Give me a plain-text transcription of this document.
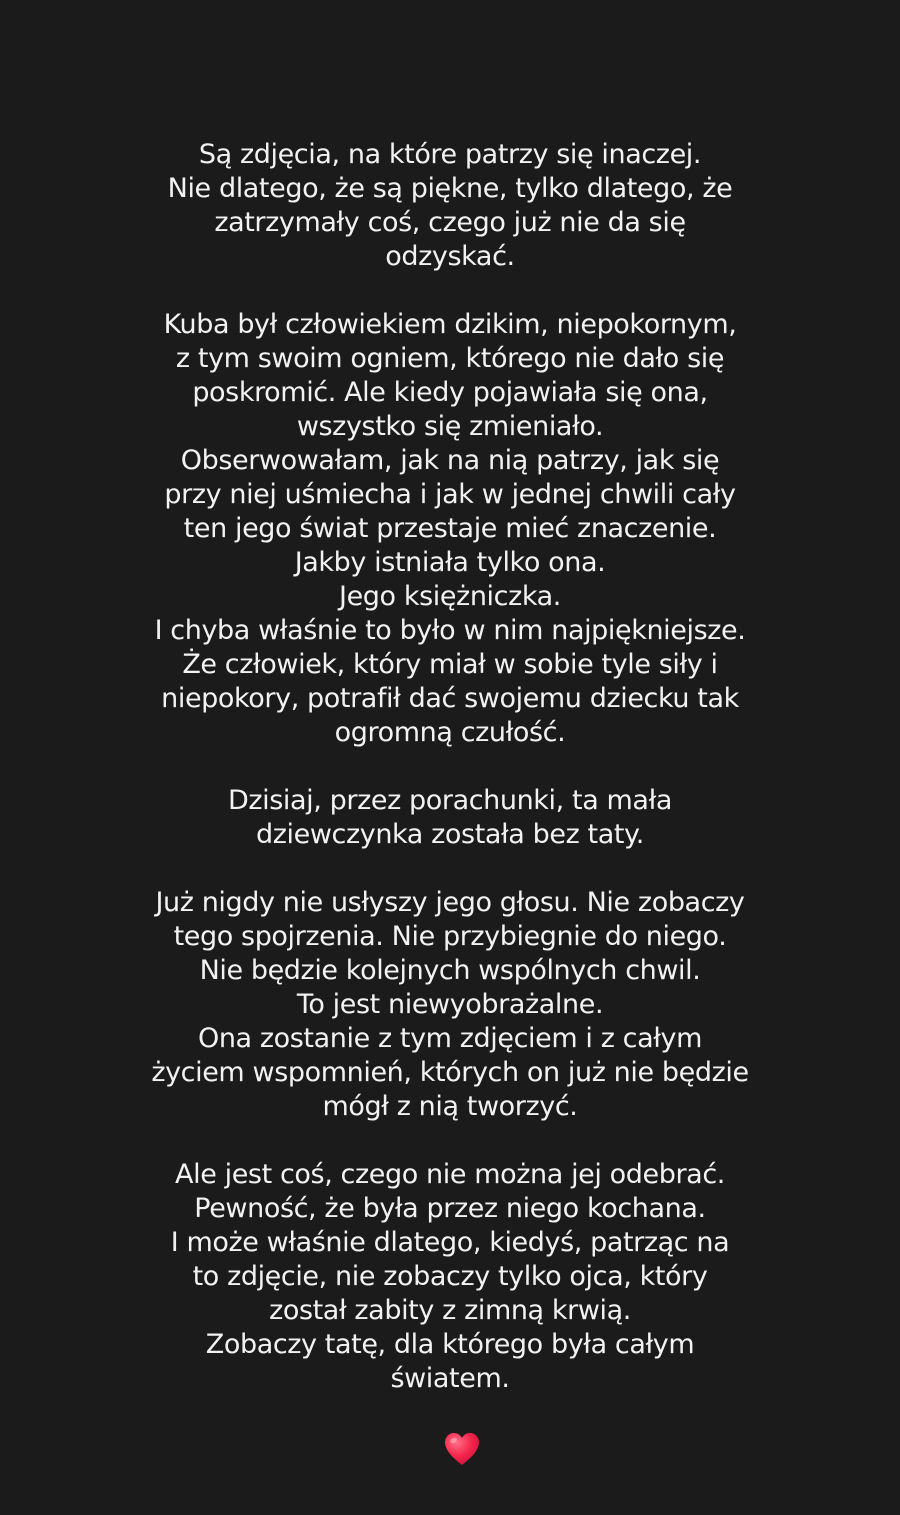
Są zdjęcia, na które patrzy się inaczej.
Nie dlatego, że są piękne, tylko dlatego, że
zatrzymały coś, czego już nie da się
odzyskać.

Kuba był człowiekiem dzikim, niepokornym,
z tym swoim ogniem, którego nie dało się
poskromić. Ale kiedy pojawiała się ona,
wszystko się zmieniało.
Obserwowałam, jak na nią patrzy, jak się
przy niej uśmiecha i jak w jednej chwili cały
ten jego świat przestaje mieć znaczenie.
Jakby istniała tylko ona.
Jego księżniczka.
I chyba właśnie to było w nim najpiękniejsze.
Że człowiek, który miał w sobie tyle siły i
niepokory, potrafił dać swojemu dziecku tak
ogromną czułość.

Dzisiaj, przez porachunki, ta mała
dziewczynka została bez taty.

Już nigdy nie usłyszy jego głosu. Nie zobaczy
tego spojrzenia. Nie przybiegnie do niego.
Nie będzie kolejnych wspólnych chwil.
To jest niewyobrażalne.
Ona zostanie z tym zdjęciem i z całym
życiem wspomnień, których on już nie będzie
mógł z nią tworzyć.

Ale jest coś, czego nie można jej odebrać.
Pewność, że była przez niego kochana.
I może właśnie dlatego, kiedyś, patrząc na
to zdjęcie, nie zobaczy tylko ojca, który
został zabity z zimną krwią.
Zobaczy tatę, dla którego była całym
światem.
